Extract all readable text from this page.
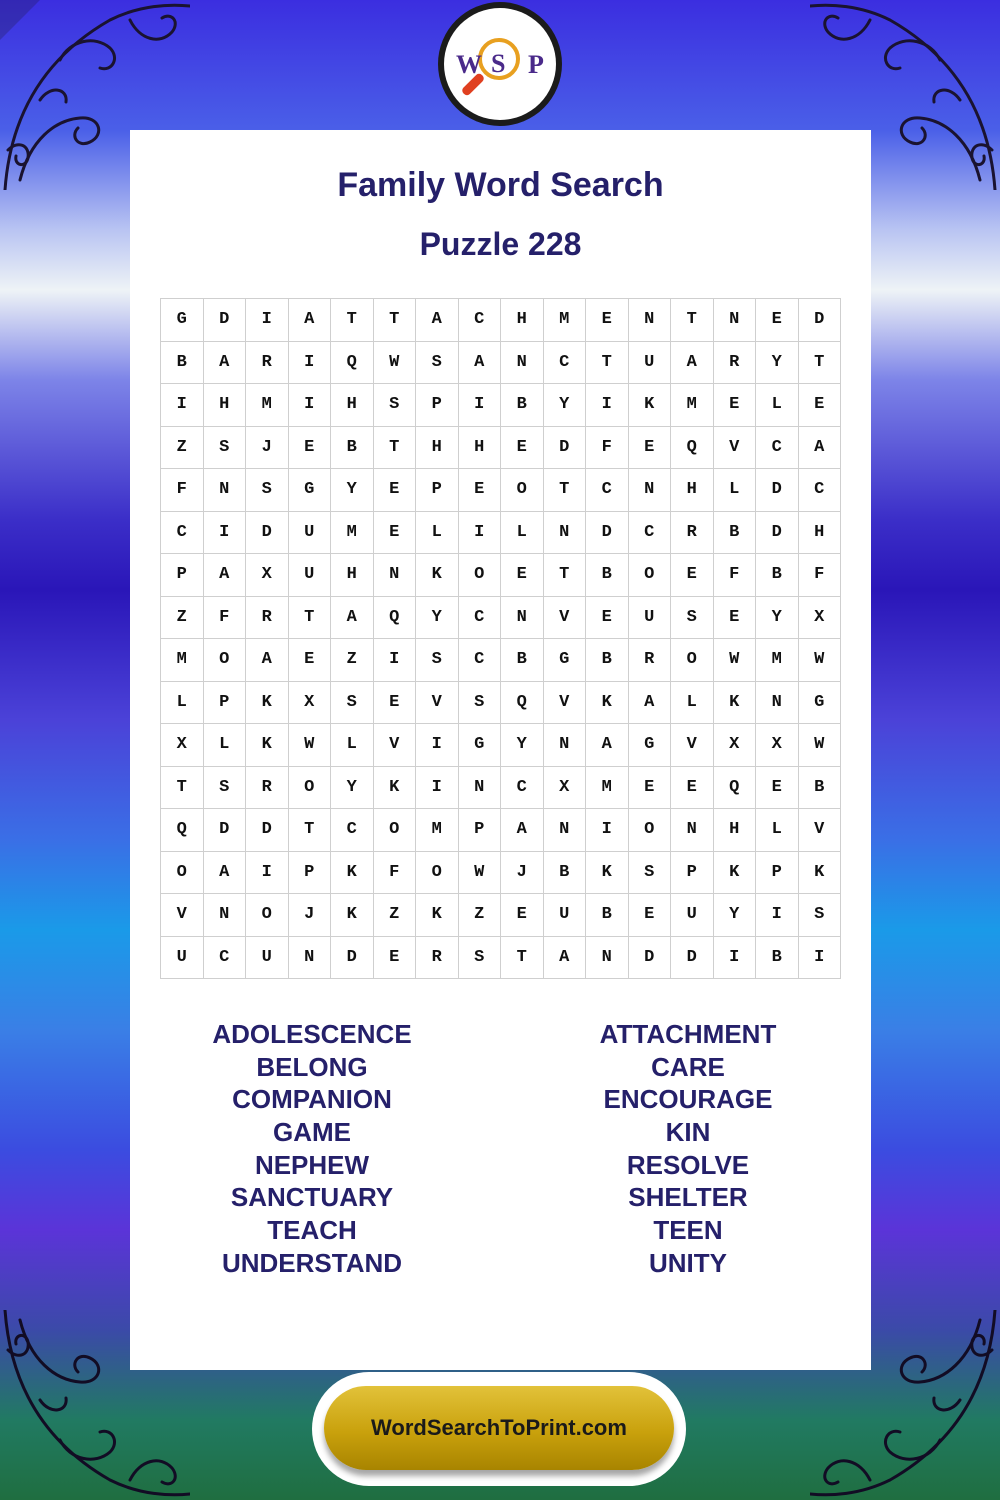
Family Word Search
Puzzle 228
G	D	I	A	T	T	A	C	H	M	E	N	T	N	E	D
B	A	R	I	Q	W	S	A	N	C	T	U	A	R	Y	T
I	H	M	I	H	S	P	I	B	Y	I	K	M	E	L	E
Z	S	J	E	B	T	H	H	E	D	F	E	Q	V	C	A
F	N	S	G	Y	E	P	E	O	T	C	N	H	L	D	C
C	I	D	U	M	E	L	I	L	N	D	C	R	B	D	H
P	A	X	U	H	N	K	O	E	T	B	O	E	F	B	F
Z	F	R	T	A	Q	Y	C	N	V	E	U	S	E	Y	X
M	O	A	E	Z	I	S	C	B	G	B	R	O	W	M	W
L	P	K	X	S	E	V	S	Q	V	K	A	L	K	N	G
X	L	K	W	L	V	I	G	Y	N	A	G	V	X	X	W
T	S	R	O	Y	K	I	N	C	X	M	E	E	Q	E	B
Q	D	D	T	C	O	M	P	A	N	I	O	N	H	L	V
O	A	I	P	K	F	O	W	J	B	K	S	P	K	P	K
V	N	O	J	K	Z	K	Z	E	U	B	E	U	Y	I	S
U	C	U	N	D	E	R	S	T	A	N	D	D	I	B	I
ADOLESCENCE
BELONG
COMPANION
GAME
NEPHEW
SANCTUARY
TEACH
UNDERSTAND
ATTACHMENT
CARE
ENCOURAGE
KIN
RESOLVE
SHELTER
TEEN
UNITY
W S P
WordSearchToPrint.com
